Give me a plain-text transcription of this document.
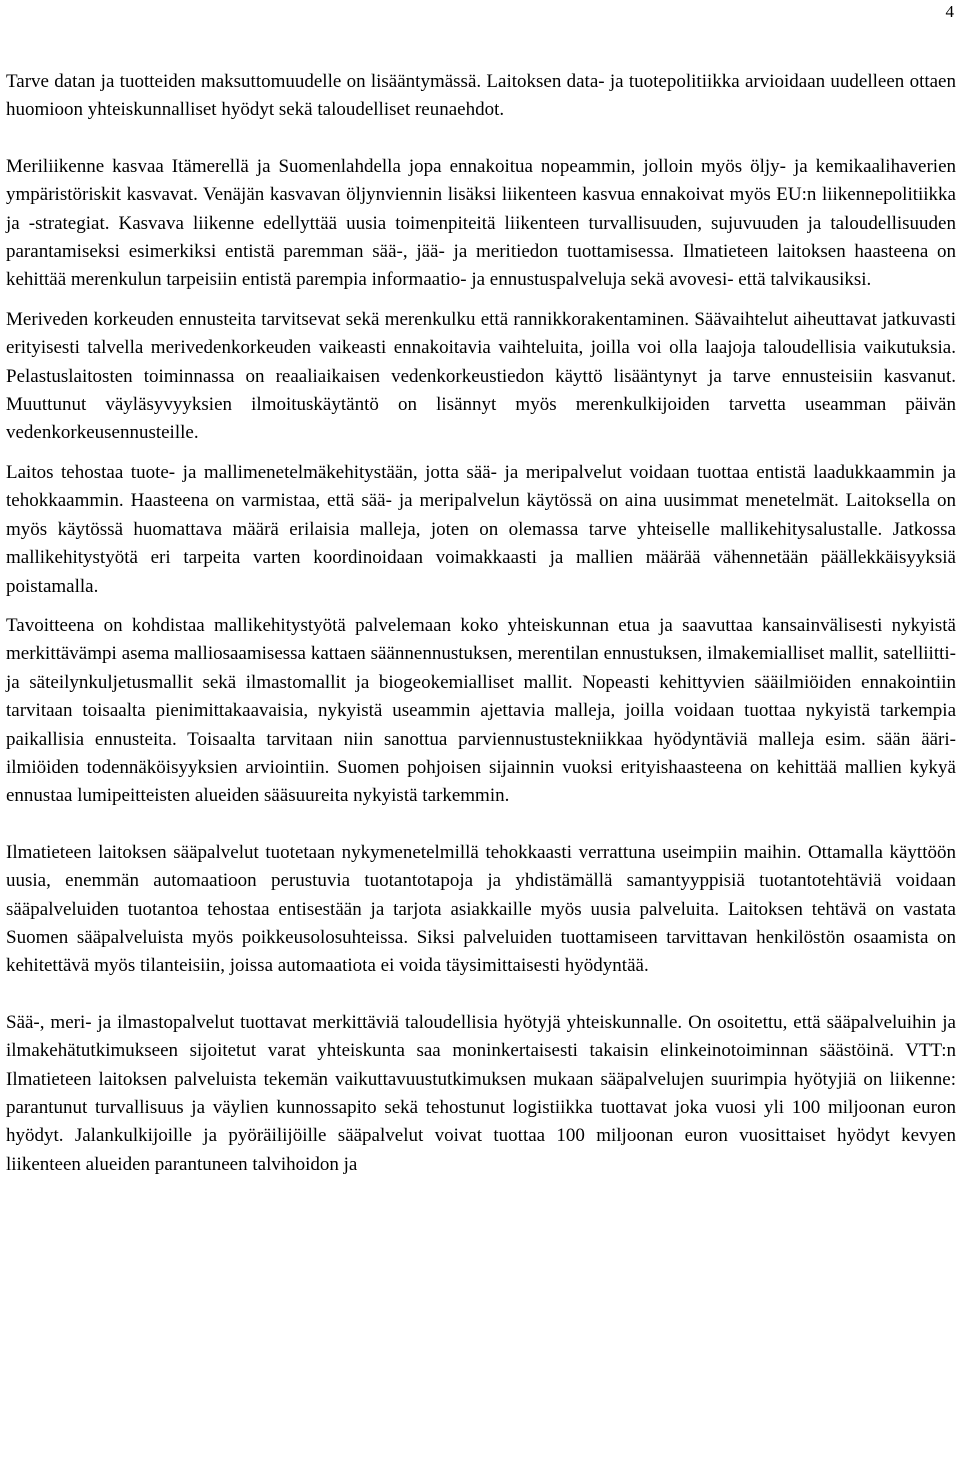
4

Tarve datan ja tuotteiden maksuttomuudelle on lisääntymässä. Laitoksen data- ja tuotepolitiikka arvioidaan uudelleen ottaen huomioon yhteiskunnalliset hyödyt sekä taloudelliset reunaehdot.

Meriliikenne kasvaa Itämerellä ja Suomenlahdella jopa ennakoitua nopeammin, jolloin myös öljy- ja kemikaalihaverien ympäristöriskit kasvavat. Venäjän kasvavan öljynviennin lisäksi liikenteen kasvua ennakoivat myös EU:n liikennepolitiikka ja -strategiat. Kasvava liikenne edellyttää uusia toimenpiteitä liikenteen turvallisuuden, sujuvuuden ja taloudellisuuden parantamiseksi esimerkiksi entistä paremman sää-, jää- ja meritiedon tuottamisessa. Ilmatieteen laitoksen haasteena on kehittää merenkulun tarpeisiin entistä parempia informaatio- ja ennustuspalveluja sekä avovesi- että talvikausiksi.

Meriveden korkeuden ennusteita tarvitsevat sekä merenkulku että rannikkorakentaminen. Säävaihtelut aiheuttavat jatkuvasti erityisesti talvella merivedenkorkeuden vaikeasti ennakoitavia vaihteluita, joilla voi olla laajoja taloudellisia vaikutuksia. Pelastuslaitosten toiminnassa on reaaliaikaisen vedenkorkeustiedon käyttö lisääntynyt ja tarve ennusteisiin kasvanut. Muuttunut väyläsyvyyksien ilmoituskäytäntö on lisännyt myös merenkulkijoiden tarvetta useamman päivän vedenkorkeusennusteille.

Laitos tehostaa tuote- ja mallimenetelmäkehitystään, jotta sää- ja meripalvelut voidaan tuottaa entistä laadukkaammin ja tehokkaammin. Haasteena on varmistaa, että sää- ja meripalvelun käytössä on aina uusimmat menetelmät. Laitoksella on myös käytössä huomattava määrä erilaisia malleja, joten on olemassa tarve yhteiselle mallikehitysalustalle. Jatkossa mallikehitystyötä eri tarpeita varten koordinoidaan voimakkaasti ja mallien määrää vähennetään päällekkäisyyksiä poistamalla.

Tavoitteena on kohdistaa mallikehitystyötä palvelemaan koko yhteiskunnan etua ja saavuttaa kansainvälisesti nykyistä merkittävämpi asema malliosaamisessa kattaen säännennustuksen, merentilan ennustuksen, ilmakemialliset mallit, satelliitti- ja säteilynkuljetusmallit sekä ilmastomallit ja biogeokemialliset mallit. Nopeasti kehittyvien sääilmiöiden ennakointiin tarvitaan toisaalta pienimittakaavaisia, nykyistä useammin ajettavia malleja, joilla voidaan tuottaa nykyistä tarkempia paikallisia ennusteita. Toisaalta tarvitaan niin sanottua parviennustustekniikkaa hyödyntäviä malleja esim. sään ääri-ilmiöiden todennäköisyyksien arviointiin. Suomen pohjoisen sijainnin vuoksi erityishaasteena on kehittää mallien kykyä ennustaa lumipeitteisten alueiden sääsuureita nykyistä tarkemmin.

Ilmatieteen laitoksen sääpalvelut tuotetaan nykymenetelmillä tehokkaasti verrattuna useimpiin maihin. Ottamalla käyttöön uusia, enemmän automaatioon perustuvia tuotantotapoja ja yhdistämällä samantyyppisiä tuotantotehtäviä voidaan sääpalveluiden tuotantoa tehostaa entisestään ja tarjota asiakkaille myös uusia palveluita. Laitoksen tehtävä on vastata Suomen sääpalveluista myös poikkeusolosuhteissa. Siksi palveluiden tuottamiseen tarvittavan henkilöstön osaamista on kehitettävä myös tilanteisiin, joissa automaatiota ei voida täysimittaisesti hyödyntää.

Sää-, meri- ja ilmastopalvelut tuottavat merkittäviä taloudellisia hyötyjä yhteiskunnalle. On osoitettu, että sääpalveluihin ja ilmakehätutkimukseen sijoitetut varat yhteiskunta saa moninkertaisesti takaisin elinkeinotoiminnan säästöinä. VTT:n Ilmatieteen laitoksen palveluista tekemän vaikuttavuustutkimuksen mukaan sääpalvelujen suurimpia hyötyjiä on liikenne: parantunut turvallisuus ja väylien kunnossapito sekä tehostunut logistiikka tuottavat joka vuosi yli 100 miljoonan euron hyödyt. Jalankulkijoille ja pyöräilijöille sääpalvelut voivat tuottaa 100 miljoonan euron vuosittaiset hyödyt kevyen liikenteen alueiden parantuneen talvihoidon ja
